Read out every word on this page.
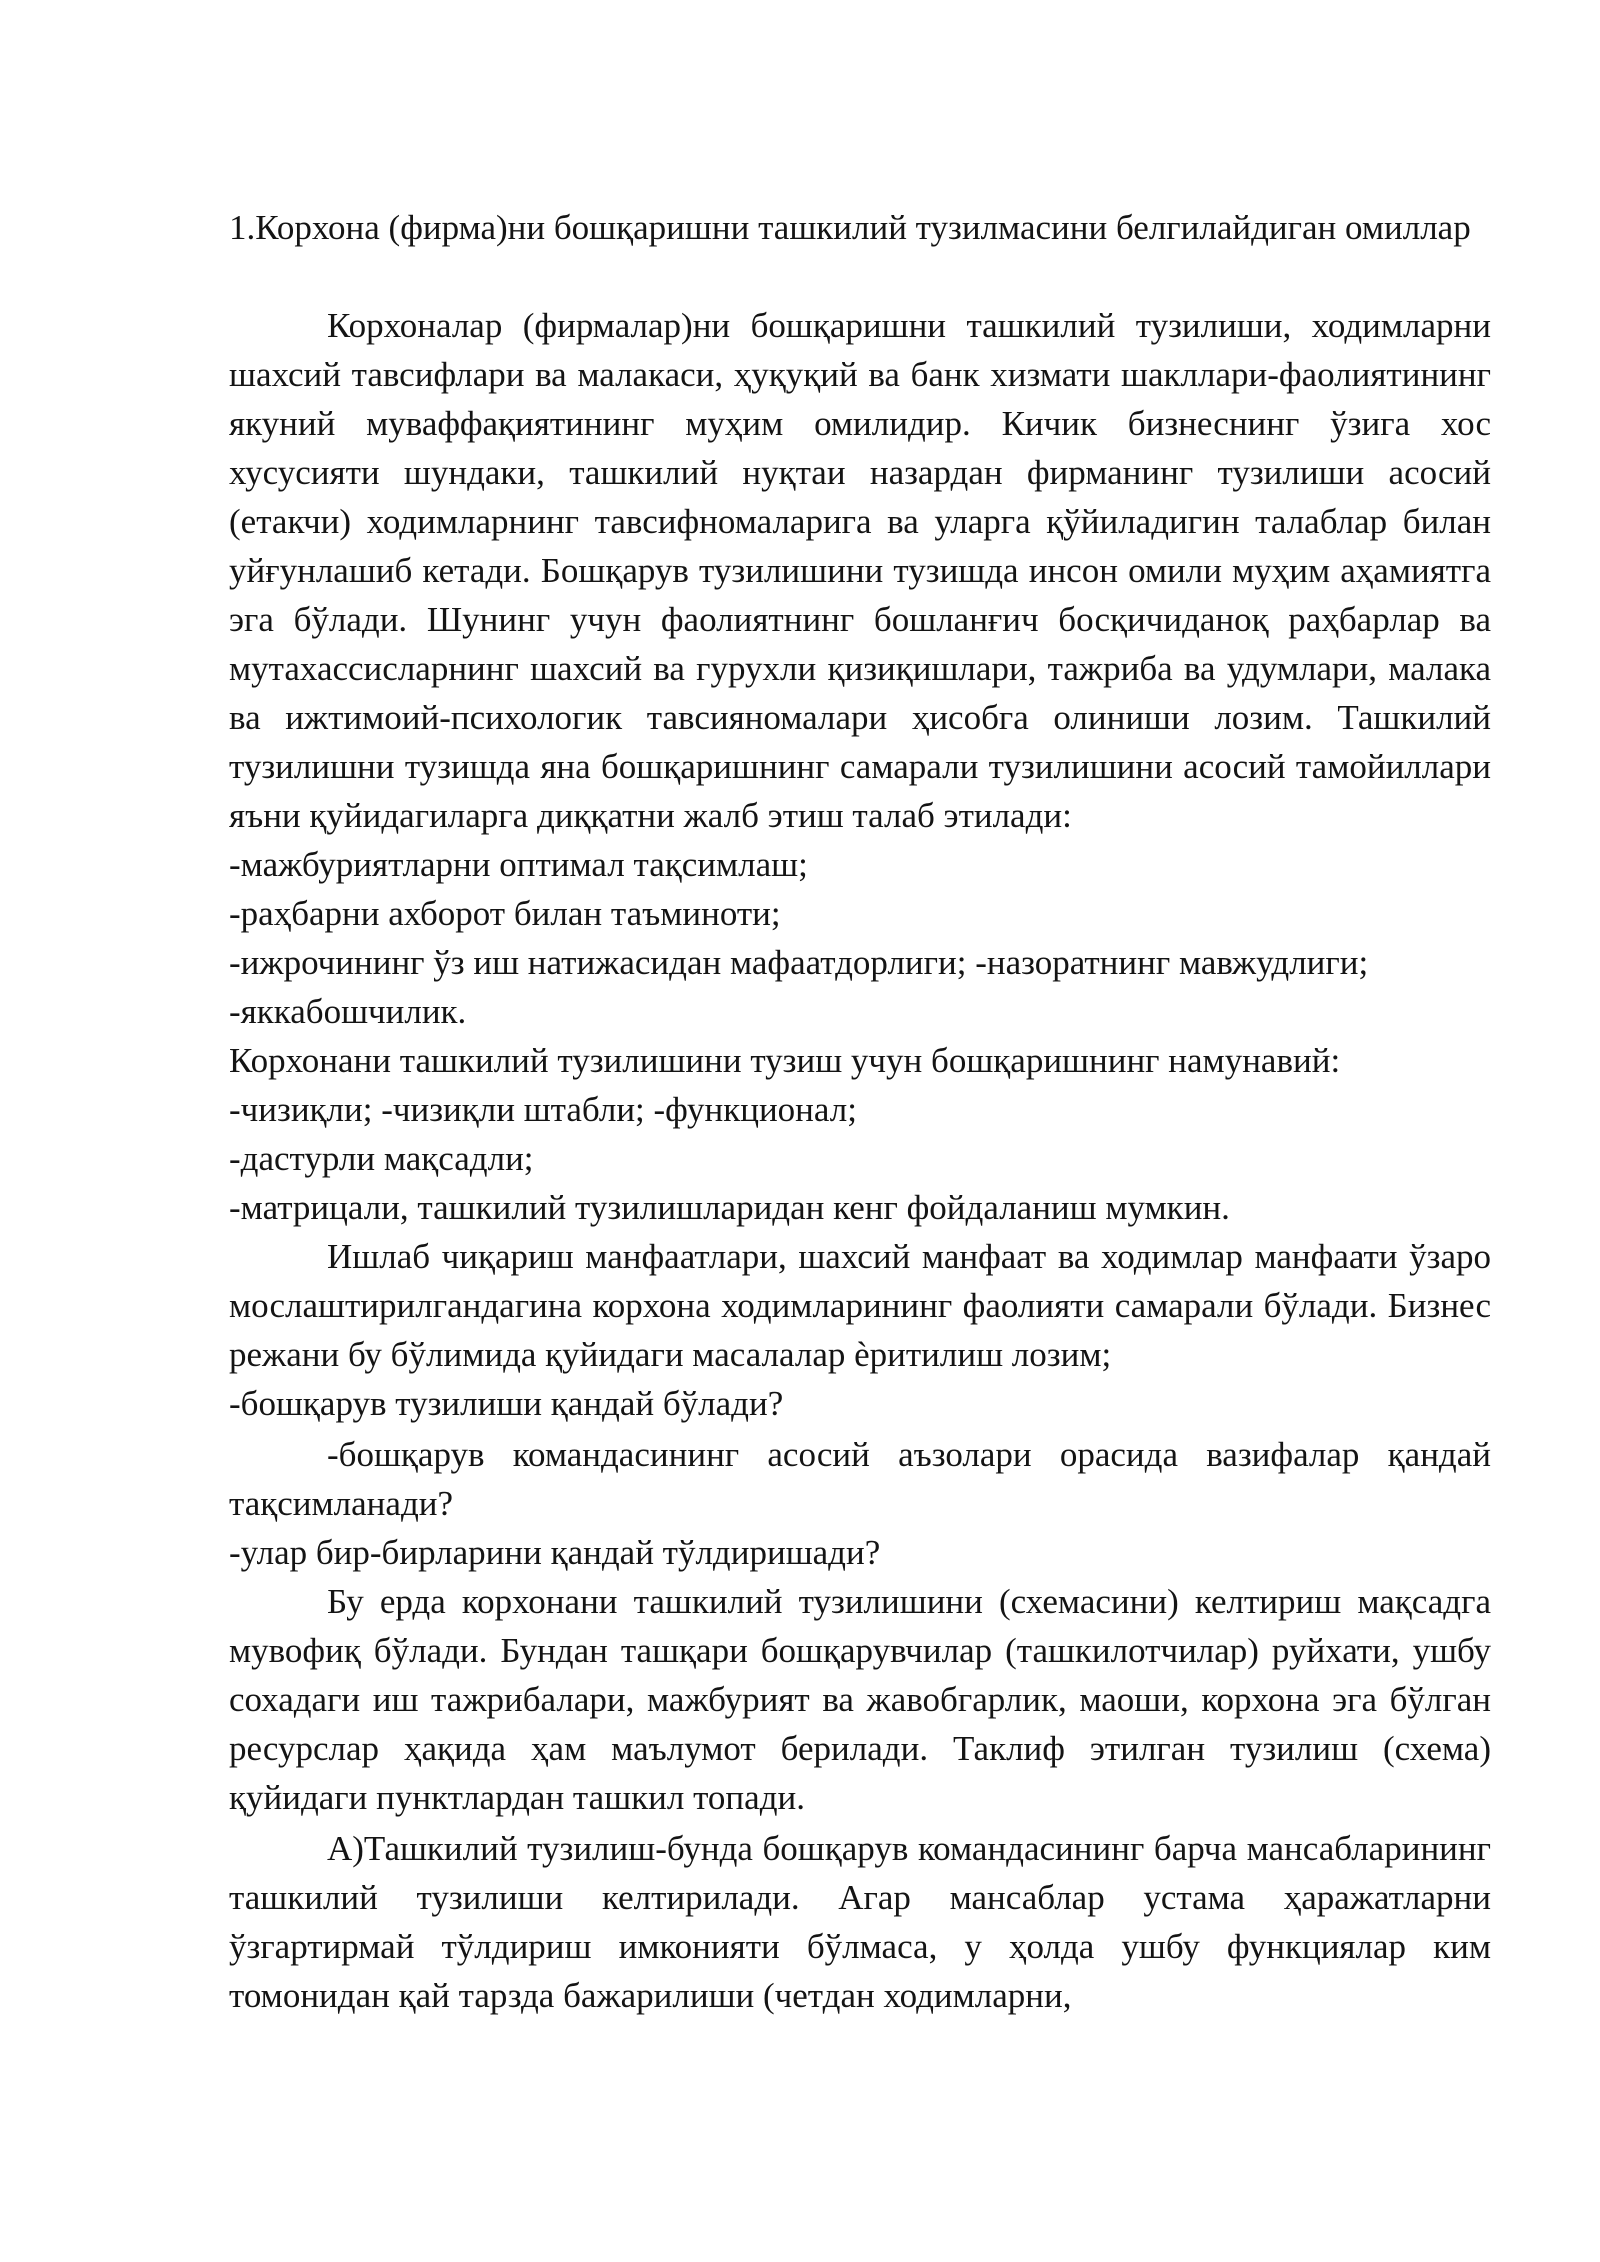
1.Корхона (фирма)ни бошқаришни ташкилий тузилмасини белгилайдиган омиллар

Корхоналар (фирмалар)ни бошқаришни ташкилий тузилиши, ходимларни шахсий тавсифлари ва малакаси, ҳуқуқий ва банк хизмати шакллари-фаолиятининг якуний муваффақиятининг муҳим омилидир. Кичик бизнеснинг ўзига хос хусусияти шундаки, ташкилий нуқтаи назардан фирманинг тузилиши асосий (етакчи) ходимларнинг тавсифномаларига ва уларга қўйиладигин талаблар билан уйғунлашиб кетади. Бошқарув тузилишини тузишда инсон омили муҳим аҳамиятга эга бўлади. Шунинг учун фаолиятнинг бошланғич босқичиданоқ раҳбарлар ва мутахассисларнинг шахсий ва гурухли қизиқишлари, тажриба ва удумлари, малака ва ижтимоий-психологик тавсияномалари ҳисобга олиниши лозим. Ташкилий тузилишни тузишда яна бошқаришнинг самарали тузилишини асосий тамойиллари яъни қуйидагиларга диққатни жалб этиш талаб этилади:

-мажбуриятларни оптимал тақсимлаш;

-раҳбарни ахборот билан таъминоти;

-ижрочининг ўз иш натижасидан мафаатдорлиги; -назоратнинг мавжудлиги;

-яккабошчилик.

Корхонани ташкилий тузилишини тузиш учун бошқаришнинг намунавий:

-чизиқли; -чизиқли штабли; -функционал;

-дастурли мақсадли;

-матрицали, ташкилий тузилишларидан кенг фойдаланиш мумкин.

Ишлаб чиқариш манфаатлари, шахсий манфаат ва ходимлар манфаати ўзаро мослаштирилгандагина корхона ходимларининг фаолияти самарали бўлади. Бизнес режани бу бўлимида қуйидаги масалалар ѐритилиш лозим;

-бошқарув тузилиши қандай бўлади?

-бошқарув командасининг асосий аъзолари орасида вазифалар қандай тақсимланади?

-улар бир-бирларини қандай тўлдиришади?

Бу ерда корхонани ташкилий тузилишини (схемасини) келтириш мақсадга мувофиқ бўлади. Бундан ташқари бошқарувчилар (ташкилотчилар) руйхати, ушбу сохадаги иш тажрибалари, мажбурият ва жавобгарлик, маоши, корхона эга бўлган ресурслар ҳақида ҳам маълумот берилади. Таклиф этилган тузилиш (схема) қуйидаги пунктлардан ташкил топади.

А)Ташкилий тузилиш-бунда бошқарув командасининг барча мансабларининг ташкилий тузилиши келтирилади. Агар мансаблар устама ҳаражатларни ўзгартирмай тўлдириш имконияти бўлмаса, у ҳолда ушбу функциялар ким томонидан қай тарзда бажарилиши (четдан ходимларни,
